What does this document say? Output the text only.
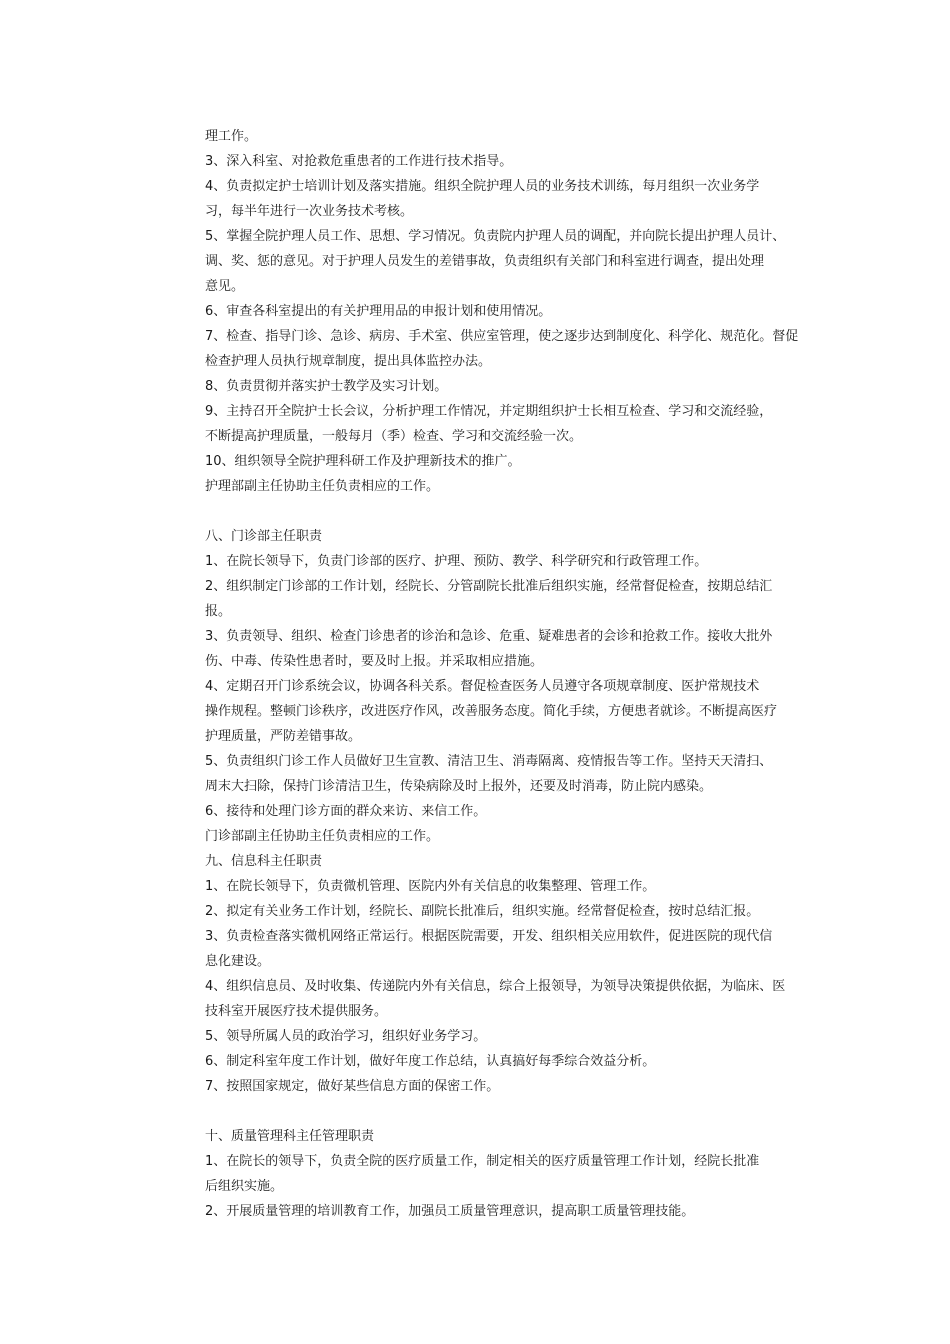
理工作。

3、深入科室、对抢救危重患者的工作进行技术指导。

4、负责拟定护士培训计划及落实措施。组织全院护理人员的业务技术训练，每月组织一次业务学
习，每半年进行一次业务技术考核。

5、掌握全院护理人员工作、思想、学习情况。负责院内护理人员的调配，并向院长提出护理人员计、
调、奖、惩的意见。对于护理人员发生的差错事故，负责组织有关部门和科室进行调查，提出处理
意见。

6、审查各科室提出的有关护理用品的申报计划和使用情况。

7、检查、指导门诊、急诊、病房、手术室、供应室管理，使之逐步达到制度化、科学化、规范化。督促
检查护理人员执行规章制度，提出具体监控办法。

8、负责贯彻并落实护士教学及实习计划。

9、主持召开全院护士长会议，分析护理工作情况，并定期组织护士长相互检查、学习和交流经验，
不断提高护理质量，一般每月（季）检查、学习和交流经验一次。

10、组织领导全院护理科研工作及护理新技术的推广。

护理部副主任协助主任负责相应的工作。

八、门诊部主任职责

1、在院长领导下，负责门诊部的医疗、护理、预防、教学、科学研究和行政管理工作。

2、组织制定门诊部的工作计划，经院长、分管副院长批准后组织实施，经常督促检查，按期总结汇
报。

3、负责领导、组织、检查门诊患者的诊治和急诊、危重、疑难患者的会诊和抢救工作。接收大批外
伤、中毒、传染性患者时，要及时上报。并采取相应措施。

4、定期召开门诊系统会议，协调各科关系。督促检查医务人员遵守各项规章制度、医护常规技术
操作规程。整顿门诊秩序，改进医疗作风，改善服务态度。简化手续，方便患者就诊。不断提高医疗
护理质量，严防差错事故。

5、负责组织门诊工作人员做好卫生宣教、清洁卫生、消毒隔离、疫情报告等工作。坚持天天清扫、
周末大扫除，保持门诊清洁卫生，传染病除及时上报外，还要及时消毒，防止院内感染。

6、接待和处理门诊方面的群众来访、来信工作。

门诊部副主任协助主任负责相应的工作。

九、信息科主任职责

1、在院长领导下，负责微机管理、医院内外有关信息的收集整理、管理工作。

2、拟定有关业务工作计划，经院长、副院长批准后，组织实施。经常督促检查，按时总结汇报。

3、负责检查落实微机网络正常运行。根据医院需要，开发、组织相关应用软件，促进医院的现代信
息化建设。

4、组织信息员、及时收集、传递院内外有关信息，综合上报领导，为领导决策提供依据，为临床、医
技科室开展医疗技术提供服务。

5、领导所属人员的政治学习，组织好业务学习。

6、制定科室年度工作计划，做好年度工作总结，认真搞好每季综合效益分析。

7、按照国家规定，做好某些信息方面的保密工作。

十、质量管理科主任管理职责

1、在院长的领导下，负责全院的医疗质量工作，制定相关的医疗质量管理工作计划，经院长批准
后组织实施。

2、开展质量管理的培训教育工作，加强员工质量管理意识，提高职工质量管理技能。
